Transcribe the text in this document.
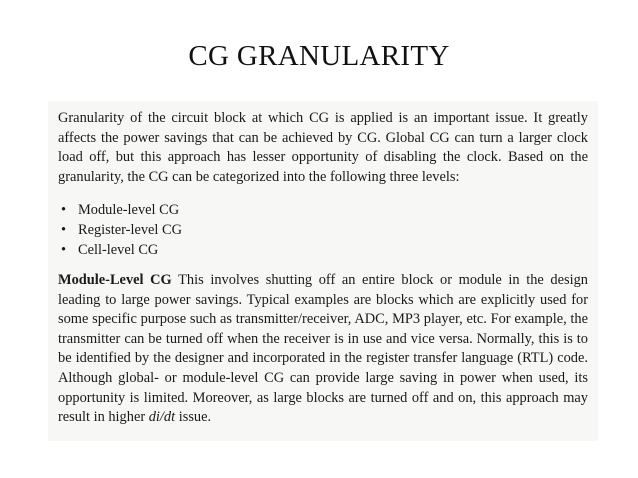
CG GRANULARITY

Granularity of the circuit block at which CG is applied is an important issue. It greatly affects the power savings that can be achieved by CG. Global CG can turn a larger clock load off, but this approach has lesser opportunity of disabling the clock. Based on the granularity, the CG can be categorized into the following three levels:

• Module-level CG
• Register-level CG
• Cell-level CG

Module-Level CG This involves shutting off an entire block or module in the design leading to large power savings. Typical examples are blocks which are explicitly used for some specific purpose such as transmitter/receiver, ADC, MP3 player, etc. For example, the transmitter can be turned off when the receiver is in use and vice versa. Normally, this is to be identified by the designer and incorporated in the register transfer language (RTL) code. Although global- or module-level CG can provide large saving in power when used, its opportunity is limited. Moreover, as large blocks are turned off and on, this approach may result in higher di/dt issue.
